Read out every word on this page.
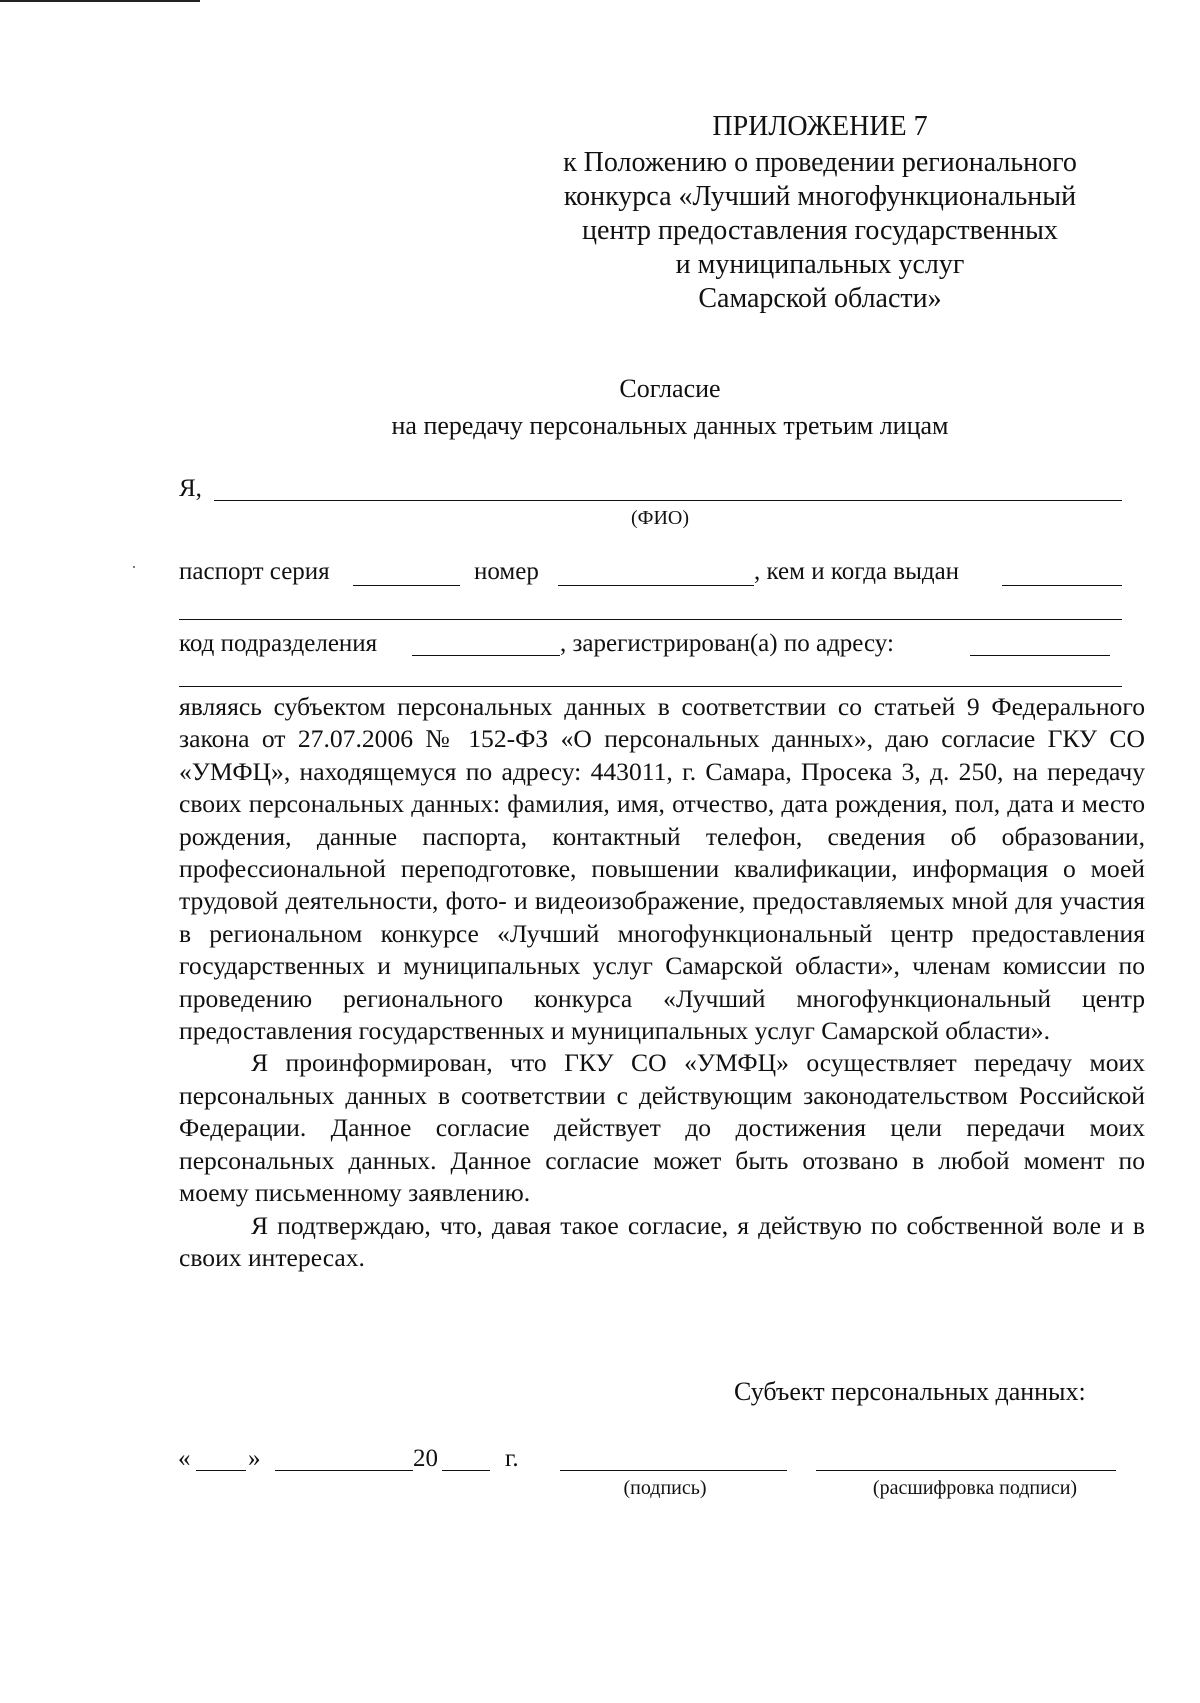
ПРИЛОЖЕНИЕ 7
к Положению о проведении регионального
конкурса «Лучший многофункциональный
центр предоставления государственных
и муниципальных услуг
Самарской области»
Согласие
на передачу персональных данных третьим лицам
Я,
(ФИО)
паспорт серия	номер	, кем и когда выдан
код подразделения	, зарегистрирован(а) по адресу:

являясь субъектом персональных данных в соответствии со статьей 9 Федерального закона от 27.07.2006 № 152-ФЗ «О персональных данных», даю согласие ГКУ СО «УМФЦ», находящемуся по адресу: 443011, г. Самара, Просека 3, д. 250, на передачу своих персональных данных: фамилия, имя, отчество, дата рождения, пол, дата и место рождения, данные паспорта, контактный телефон, сведения об образовании, профессиональной переподготовке, повышении квалификации, информация о моей трудовой деятельности, фото- и видеоизображение, предоставляемых мной для участия в региональном конкурсе «Лучший многофункциональный центр предоставления государственных и муниципальных услуг Самарской области», членам комиссии по проведению регионального конкурса «Лучший многофункциональный центр предоставления государственных и муниципальных услуг Самарской области».

Я проинформирован, что ГКУ СО «УМФЦ» осуществляет передачу моих персональных данных в соответствии с действующим законодательством Российской Федерации. Данное согласие действует до достижения цели передачи моих персональных данных. Данное согласие может быть отозвано в любой момент по моему письменному заявлению.

Я подтверждаю, что, давая такое согласие, я действую по собственной воле и в своих интересах.

Субъект персональных данных:
« »	20	г.
(подпись)	(расшифровка подписи)
